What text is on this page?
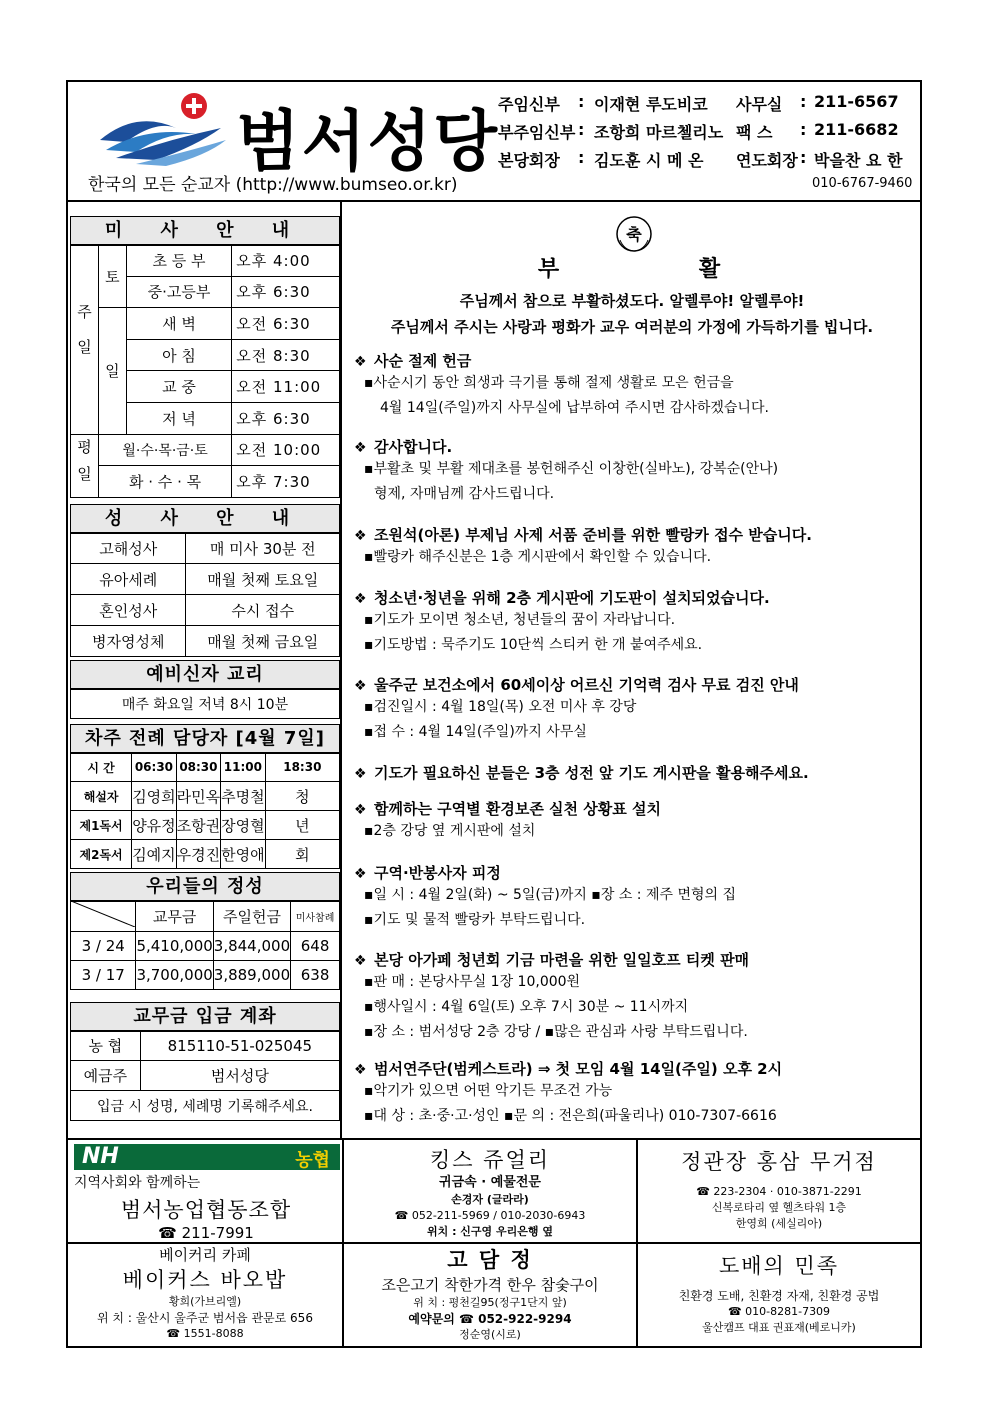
범서성당
한국의 모든 순교자 (http://www.bumseo.or.kr)
주임신부	: 이재현 루도비코 사무실	: 211-6567
부주임신부 : 조항희 마르첼리노 팩 스	: 211-6682
본당회장	: 김도훈 시 메 온 연도회장 : 박을찬 요 한
010-6767-9460
미 사 안 내
주일	토	초 등 부	오후 4:00
		중·고등부	오후 6:30
	일	새 벽	오전 6:30
		아 침	오전 8:30
		교 중	오전 11:00
		저 녁	오후 6:30
평일	월·수·목·금·토		오전 10:00
	화 · 수 · 목		오후 7:30
성 사 안 내
고해성사	매 미사 30분 전
유아세례	매월 첫째 토요일
혼인성사	수시 접수
병자영성체	매월 첫째 금요일
예비신자 교리
매주 화요일 저녁 8시 10분
차주 전례 담당자 [4월 7일]
시 간	06:30	08:30	11:00	18:30
해설자	김영희	라민옥	추명철	청
제1독서	양유정	조항권	장영혈	년
제2독서	김예지	우경진	한영애	회
우리들의 정성
	교무금	주일헌금	미사참례
3 / 24	5,410,000	3,844,000	648
3 / 17	3,700,000	3,889,000	638
교무금 입금 계좌
농 협	815110-51-025045
예금주	범서성당
입금 시 성명, 세례명 기록해주세요.	
축
부	활
주님께서 참으로 부활하셨도다. 알렐루야! 알렐루야!
주님께서 주시는 사랑과 평화가 교우 여러분의 가정에 가득하기를 빕니다.
❖ 사순 절제 헌금
▪사순시기 동안 희생과 극기를 통해 절제 생활로 모은 헌금을
4월 14일(주일)까지 사무실에 납부하여 주시면 감사하겠습니다.
❖ 감사합니다.
▪부활초 및 부활 제대초를 봉헌해주신 이창한(실바노), 강복순(안나)
형제, 자매님께 감사드립니다.
❖ 조원석(아론) 부제님 사제 서품 준비를 위한 빨랑카 접수 받습니다.
▪빨랑카 해주신분은 1층 게시판에서 확인할 수 있습니다.
❖ 청소년·청년을 위해 2층 게시판에 기도판이 설치되었습니다.
▪기도가 모이면 청소년, 청년들의 꿈이 자라납니다.
▪기도방법 : 묵주기도 10단씩 스티커 한 개 붙여주세요.
❖ 울주군 보건소에서 60세이상 어르신 기억력 검사 무료 검진 안내
▪검진일시 : 4월 18일(목) 오전 미사 후 강당
▪접 수 : 4월 14일(주일)까지 사무실
❖ 기도가 필요하신 분들은 3층 성전 앞 기도 게시판을 활용해주세요.
❖ 함께하는 구역별 환경보존 실천 상황표 설치
▪2층 강당 옆 게시판에 설치
❖ 구역·반봉사자 피정
▪일 시 : 4월 2일(화) ~ 5일(금)까지 ▪장 소 : 제주 면형의 집
▪기도 및 물적 빨랑카 부탁드립니다.
❖ 본당 아가페 청년회 기금 마련을 위한 일일호프 티켓 판매
▪판 매 : 본당사무실 1장 10,000원
▪행사일시 : 4월 6일(토) 오후 7시 30분 ~ 11시까지
▪장 소 : 범서성당 2층 강당 / ▪많은 관심과 사랑 부탁드립니다.
❖ 범서연주단(범케스트라) ⇒ 첫 모임 4월 14일(주일) 오후 2시
▪악기가 있으면 어떤 악기든 무조건 가능
▪대 상 : 초·중·고·성인 ▪문 의 : 전은희(파울리나) 010-7307-6616
NH	농협
지역사회와 함께하는
범서농업협동조합
☎ 211-7991
킹스 쥬얼리
귀금속 · 예물전문
손경자 (글라라)
☎ 052-211-5969 / 010-2030-6943
위치 : 신구영 우리은행 옆
정관장 홍삼 무거점
☎ 223-2304 · 010-3871-2291
신복로타리 옆 헬츠타워 1층
한영희 (세실리아)
베이커리 카페
베이커스 바오밥
황희(가브리엘)
위 치 : 울산시 울주군 범서읍 관문로 656
☎ 1551-8088
고 담 정
조은고기 착한가격 한우 참숯구이
위 치 : 평천길95(정구1단지 앞)
예약문의 ☎ 052-922-9294
정순영(시로)
도배의 민족
친환경 도배, 친환경 자재, 친환경 공법
☎ 010-8281-7309
울산캠프 대표 권표재(베로니카)
